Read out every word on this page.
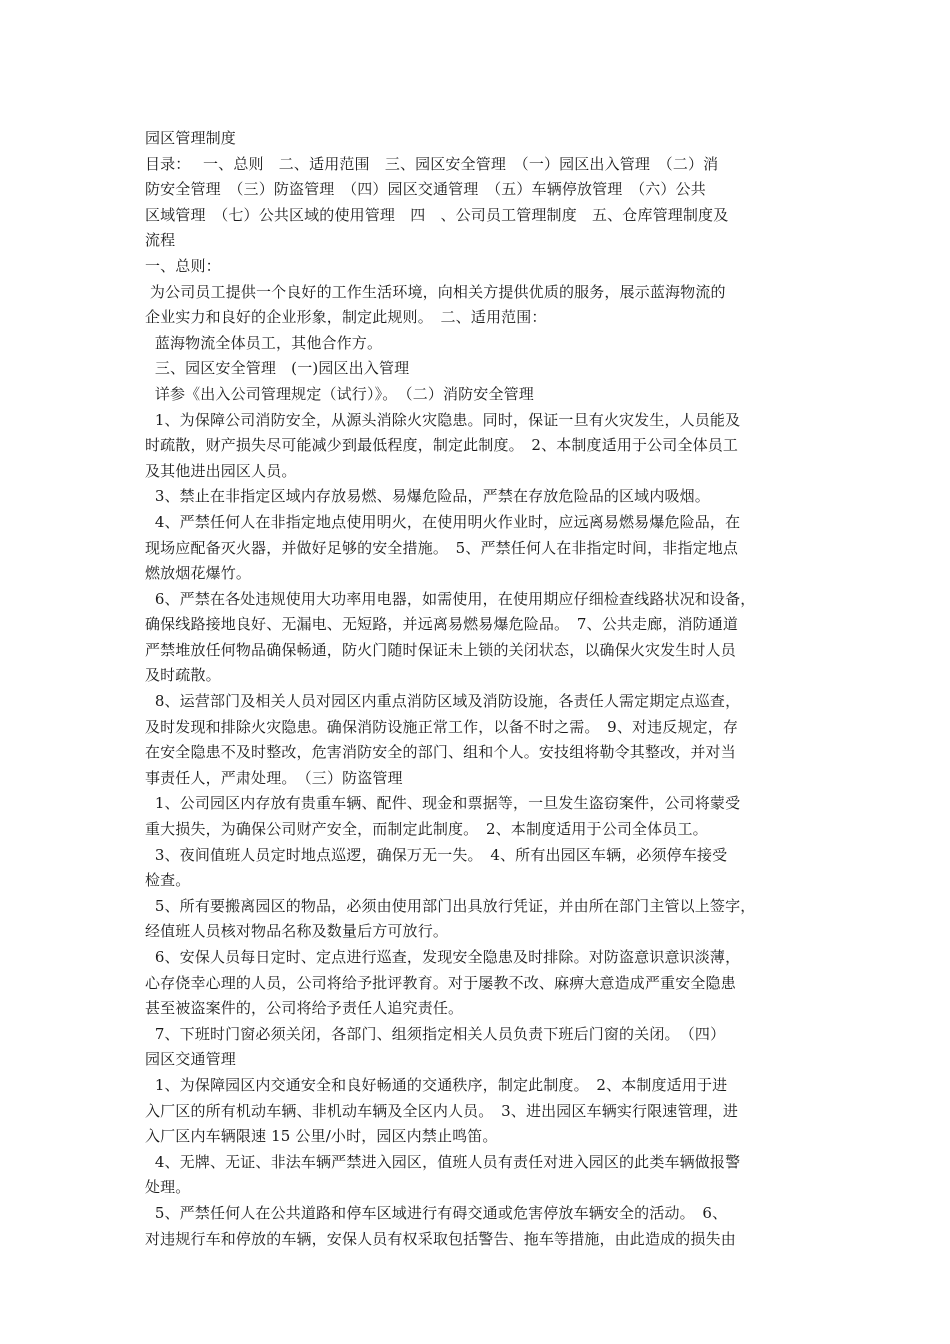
园区管理制度
目录：　 一、总则　二、适用范围　三、园区安全管理　（一）园区出入管理　（二）消
防安全管理　（三）防盗管理　（四）园区交通管理　（五）车辆停放管理　（六）公共
区域管理　（七）公共区域的使用管理　四　、公司员工管理制度　五、仓库管理制度及
流程
一、总则：
为公司员工提供一个良好的工作生活环境，向相关方提供优质的服务，展示蓝海物流的
企业实力和良好的企业形象，制定此规则。　二、适用范围：
蓝海物流全体员工，其他合作方。
三、园区安全管理　(一)园区出入管理
详参《出入公司管理规定（试行）》。　（二）消防安全管理
1、为保障公司消防安全，从源头消除火灾隐患。同时，保证一旦有火灾发生，人员能及
时疏散，财产损失尽可能减少到最低程度，制定此制度。　2、本制度适用于公司全体员工
及其他进出园区人员。
3、禁止在非指定区域内存放易燃、易爆危险品，严禁在存放危险品的区域内吸烟。
4、严禁任何人在非指定地点使用明火，在使用明火作业时，应远离易燃易爆危险品，在
现场应配备灭火器，并做好足够的安全措施。　5、严禁任何人在非指定时间，非指定地点
燃放烟花爆竹。
6、严禁在各处违规使用大功率用电器，如需使用，在使用期应仔细检查线路状况和设备，
确保线路接地良好、无漏电、无短路，并远离易燃易爆危险品。　7、公共走廊，消防通道
严禁堆放任何物品确保畅通，防火门随时保证未上锁的关闭状态，以确保火灾发生时人员
及时疏散。
8、运营部门及相关人员对园区内重点消防区域及消防设施，各责任人需定期定点巡查，
及时发现和排除火灾隐患。确保消防设施正常工作，以备不时之需。　9、对违反规定，存
在安全隐患不及时整改，危害消防安全的部门、组和个人。安技组将勒令其整改，并对当
事责任人，严肃处理。　（三）防盗管理
1、公司园区内存放有贵重车辆、配件、现金和票据等，一旦发生盗窃案件，公司将蒙受
重大损失，为确保公司财产安全，而制定此制度。　2、本制度适用于公司全体员工。
3、夜间值班人员定时地点巡逻，确保万无一失。　4、所有出园区车辆，必须停车接受
检查。
5、所有要搬离园区的物品，必须由使用部门出具放行凭证，并由所在部门主管以上签字，
经值班人员核对物品名称及数量后方可放行。
6、安保人员每日定时、定点进行巡查，发现安全隐患及时排除。对防盗意识意识淡薄，
心存侥幸心理的人员，公司将给予批评教育。对于屡教不改、麻痹大意造成严重安全隐患
甚至被盗案件的，公司将给予责任人追究责任。
7、下班时门窗必须关闭，各部门、组须指定相关人员负责下班后门窗的关闭。　（四）
园区交通管理
1、为保障园区内交通安全和良好畅通的交通秩序，制定此制度。　2、本制度适用于进
入厂区的所有机动车辆、非机动车辆及全区内人员。　3、进出园区车辆实行限速管理，进
入厂区内车辆限速 15 公里/小时，园区内禁止鸣笛。
4、无牌、无证、非法车辆严禁进入园区，值班人员有责任对进入园区的此类车辆做报警
处理。
5、严禁任何人在公共道路和停车区域进行有碍交通或危害停放车辆安全的活动。　6、
对违规行车和停放的车辆，安保人员有权采取包括警告、拖车等措施，由此造成的损失由
